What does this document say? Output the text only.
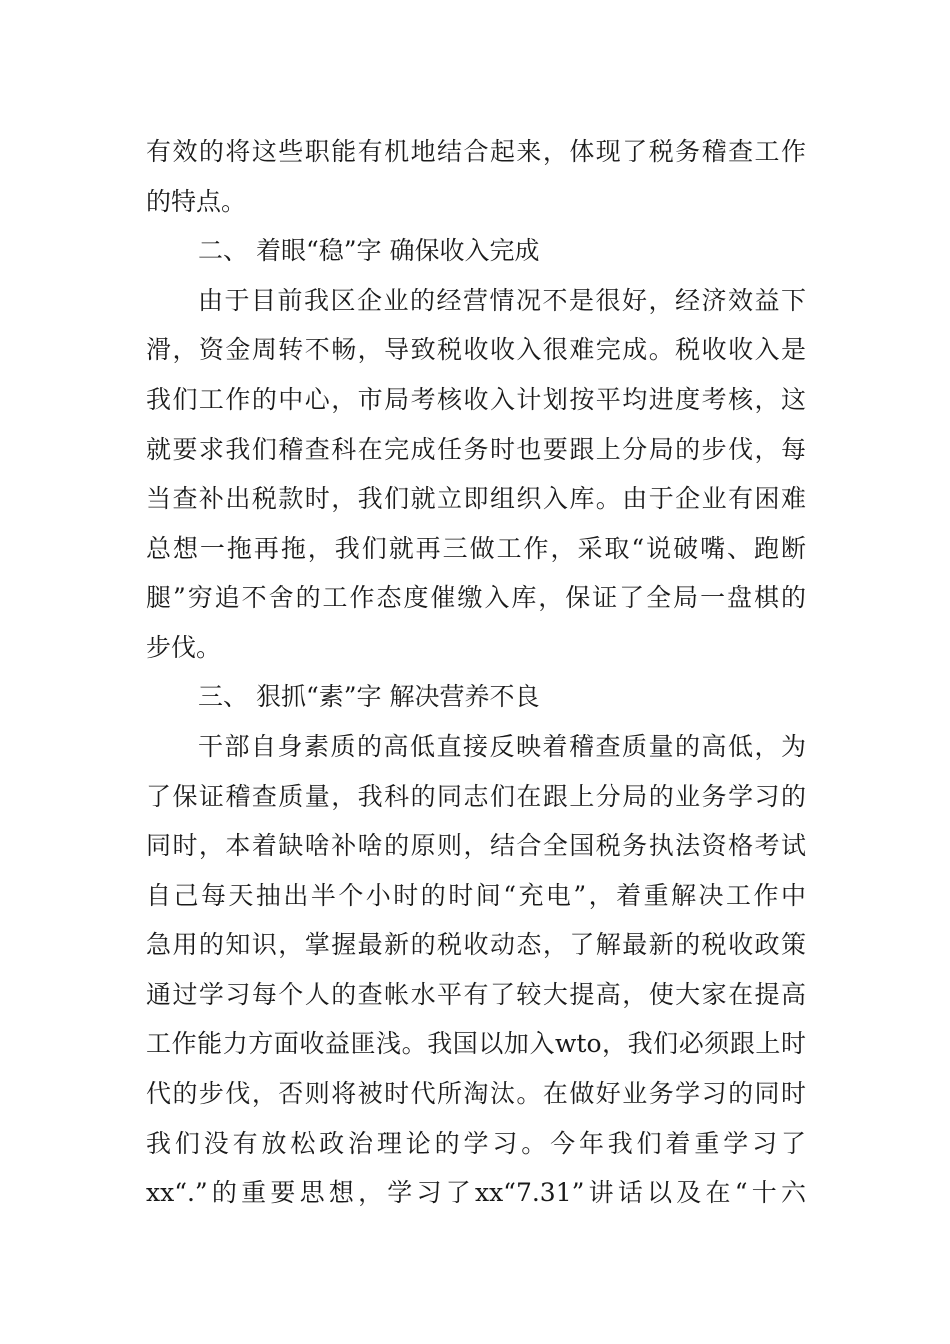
有效的将这些职能有机地结合起来，体现了税务稽查工作
的特点。
二、 着眼“稳”字 确保收入完成
由于目前我区企业的经营情况不是很好，经济效益下
滑，资金周转不畅，导致税收收入很难完成。税收收入是
我们工作的中心，市局考核收入计划按平均进度考核，这
就要求我们稽查科在完成任务时也要跟上分局的步伐，每
当查补出税款时，我们就立即组织入库。由于企业有困难
总想一拖再拖，我们就再三做工作，采取“说破嘴、跑断
腿”穷追不舍的工作态度催缴入库，保证了全局一盘棋的
步伐。
三、 狠抓“素”字 解决营养不良
干部自身素质的高低直接反映着稽查质量的高低，为
了保证稽查质量，我科的同志们在跟上分局的业务学习的
同时，本着缺啥补啥的原则，结合全国税务执法资格考试
自己每天抽出半个小时的时间“充电”，着重解决工作中
急用的知识，掌握最新的税收动态，了解最新的税收政策
通过学习每个人的查帐水平有了较大提高，使大家在提高
工作能力方面收益匪浅。我国以加入wto，我们必须跟上时
代的步伐，否则将被时代所淘汰。在做好业务学习的同时
我们没有放松政治理论的学习。今年我们着重学习了
xx“.”的重要思想，学习了xx“7.31”讲话以及在“十六
